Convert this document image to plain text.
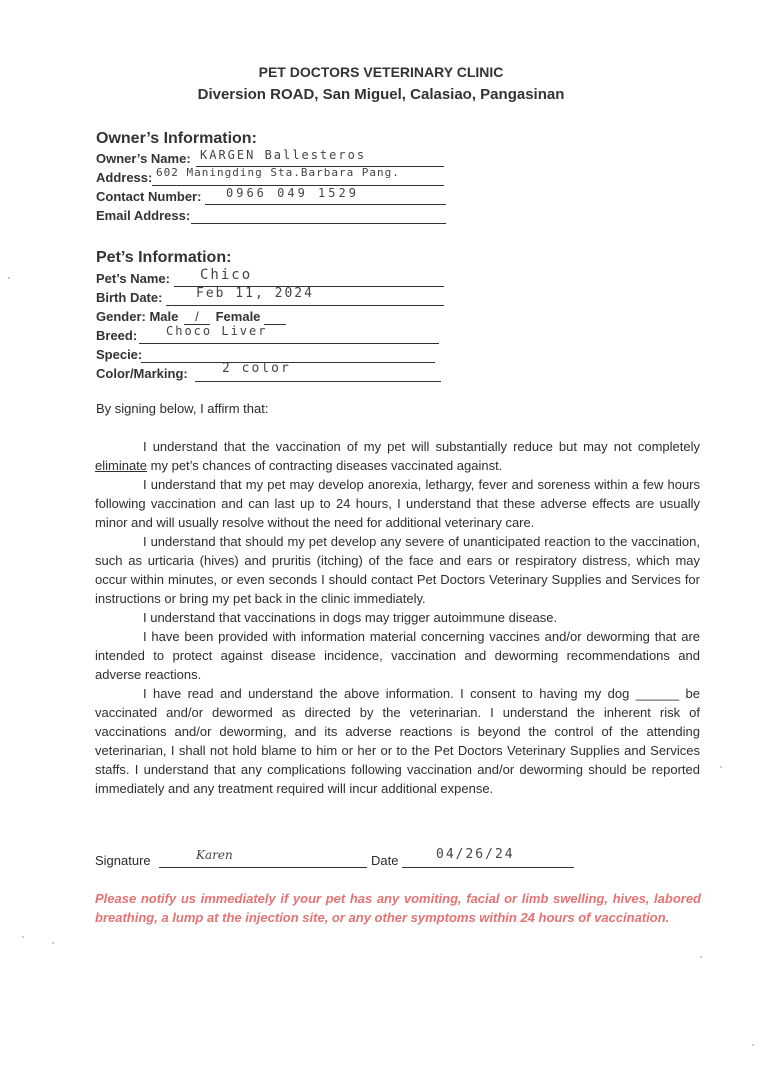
PET DOCTORS VETERINARY CLINIC
Diversion ROAD, San Miguel, Calasiao, Pangasinan
Owner’s Information:
Owner’s Name: KARGEN Ballesteros
Address: 602 Maningding Sta.Barbara Pang.
Contact Number: 0966 049 1529
Email Address:
Pet’s Information:
Pet’s Name: Chico
Birth Date:	Feb 11, 2024
Gender: Male / Female
Breed: Choco Liver
Specie:
Color/Marking:	2 color
By signing below, I affirm that:

I understand that the vaccination of my pet will substantially reduce but may not completely eliminate my pet’s chances of contracting diseases vaccinated against.

I understand that my pet may develop anorexia, lethargy, fever and soreness within a few hours following vaccination and can last up to 24 hours, I understand that these adverse effects are usually minor and will usually resolve without the need for additional veterinary care.

I understand that should my pet develop any severe of unanticipated reaction to the vaccination, such as urticaria (hives) and pruritis (itching) of the face and ears or respiratory distress, which may occur within minutes, or even seconds I should contact Pet Doctors Veterinary Supplies and Services for instructions or bring my pet back in the clinic immediately.

I understand that vaccinations in dogs may trigger autoimmune disease.

I have been provided with information material concerning vaccines and/or deworming that are intended to protect against disease incidence, vaccination and deworming recommendations and adverse reactions.

I have read and understand the above information. I consent to having my dog ______ be vaccinated and/or dewormed as directed by the veterinarian. I understand the inherent risk of vaccinations and/or deworming, and its adverse reactions is beyond the control of the attending veterinarian, I shall not hold blame to him or her or to the Pet Doctors Veterinary Supplies and Services staffs. I understand that any complications following vaccination and/or deworming should be reported immediately and any treatment required will incur additional expense.

Signature	Karen	Date	04/26/24
Please notify us immediately if your pet has any vomiting, facial or limb swelling, hives, labored breathing, a lump at the injection site, or any other symptoms within 24 hours of vaccination.
